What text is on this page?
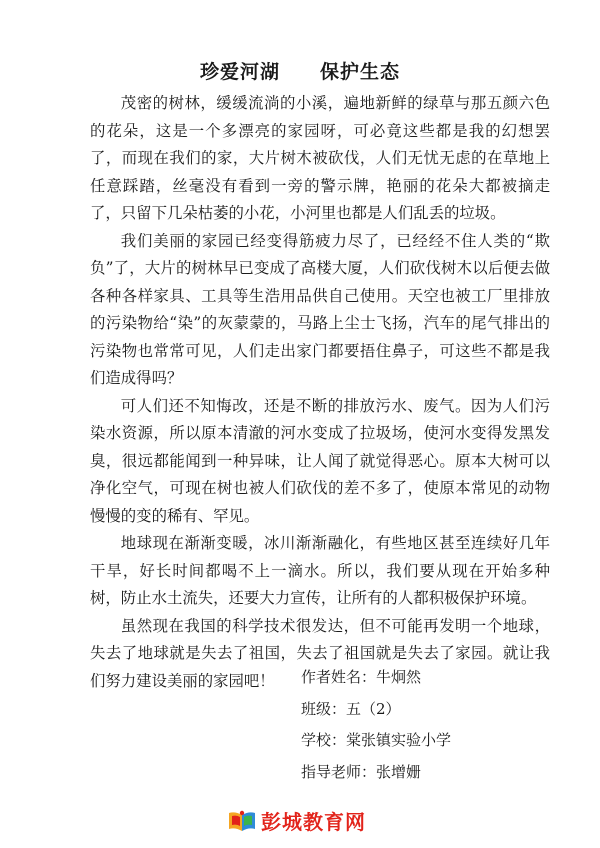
珍爱河湖　　保护生态

茂密的树林，缓缓流淌的小溪，遍地新鲜的绿草与那五颜六色的花朵，这是一个多漂亮的家园呀，可必竟这些都是我的幻想罢了，而现在我们的家，大片树木被砍伐，人们无忧无虑的在草地上任意踩踏，丝毫没有看到一旁的警示牌，艳丽的花朵大都被摘走了，只留下几朵枯萎的小花，小河里也都是人们乱丢的垃圾。

我们美丽的家园已经变得筋疲力尽了，已经经不住人类的“欺负”了，大片的树林早已变成了高楼大厦，人们砍伐树木以后便去做各种各样家具、工具等生浩用品供自己使用。天空也被工厂里排放的污染物给“染”的灰蒙蒙的，马路上尘士飞扬，汽车的尾气排出的污染物也常常可见，人们走出家门都要捂住鼻子，可这些不都是我们造成得吗？

可人们还不知悔改，还是不断的排放污水、废气。因为人们污染水资源，所以原本清澈的河水变成了拉圾场，使河水变得发黑发臭，很远都能闻到一种异味，让人闻了就觉得恶心。原本大树可以净化空气，可现在树也被人们砍伐的差不多了，使原本常见的动物慢慢的变的稀有、罕见。

地球现在渐渐变暖，冰川渐渐融化，有些地区甚至连续好几年干旱，好长时间都喝不上一滴水。所以，我们要从现在开始多种树，防止水土流失，还要大力宣传，让所有的人都积极保护环境。

虽然现在我国的科学技术很发达，但不可能再发明一个地球，失去了地球就是失去了祖国，失去了祖国就是失去了家园。就让我们努力建设美丽的家园吧！	作者姓名：牛炯然
班级：五（2）
学校：棠张镇实验小学
指导老师：张增姗
彭城教育网
